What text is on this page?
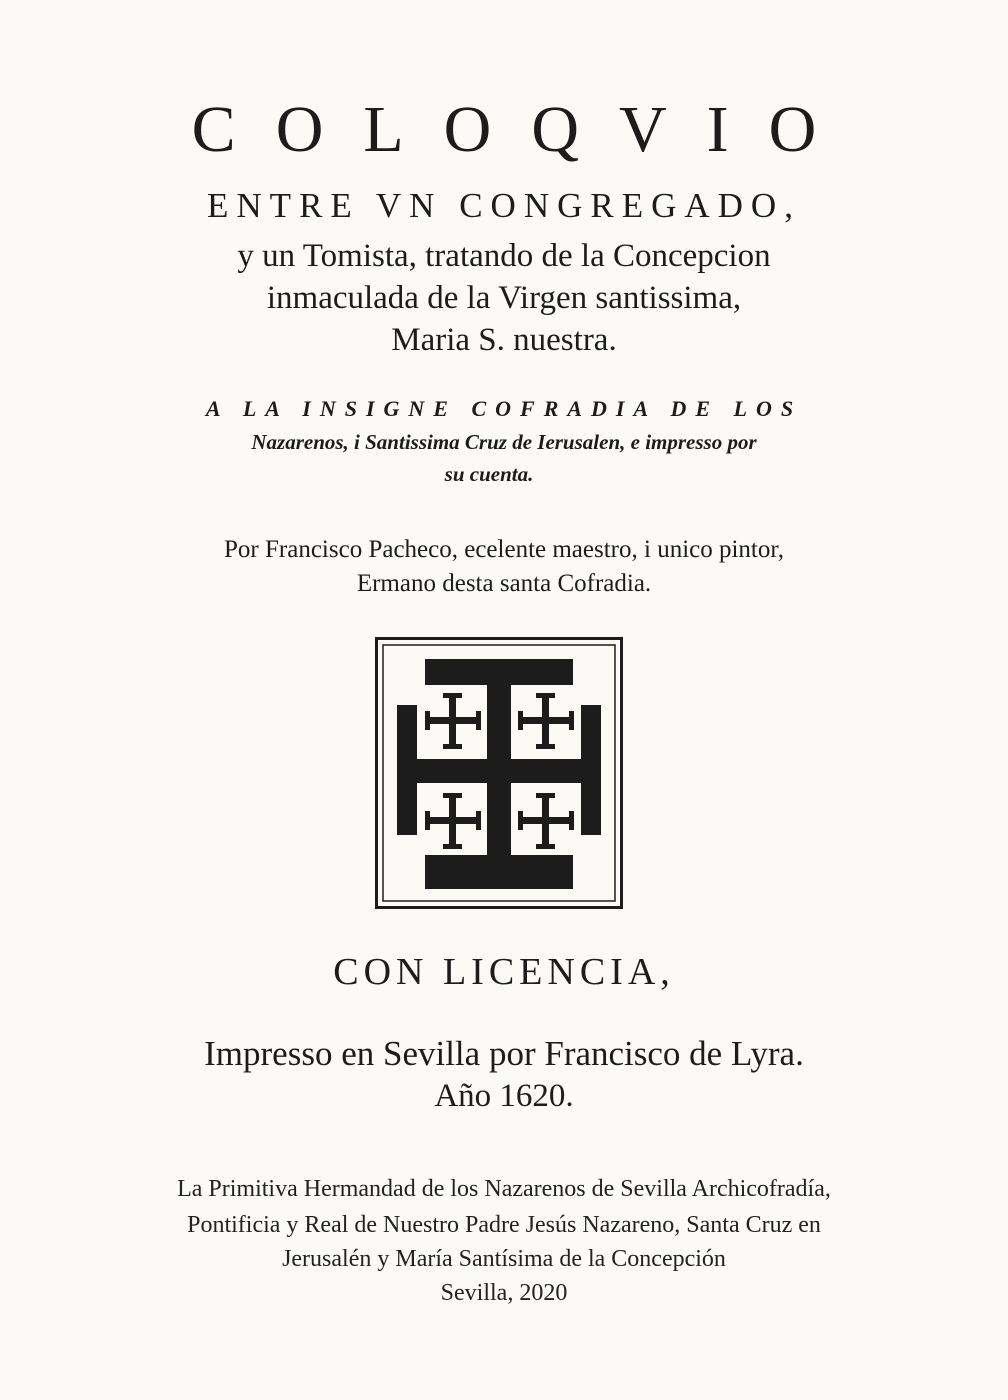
COLOQVIO
ENTRE VN CONGREGADO,
y un Tomista, tratando de la Concepcion
inmaculada de la Virgen santissima,
Maria S. nuestra.
A LA INSIGNE COFRADIA DE LOS
Nazarenos, i Santissima Cruz de Ierusalen, e impresso por
su cuenta.
Por Francisco Pacheco, ecelente maestro, i unico pintor,
Ermano desta santa Cofradia.
CON LICENCIA,
Impresso en Sevilla por Francisco de Lyra.
Año 1620.
La Primitiva Hermandad de los Nazarenos de Sevilla Archicofradía,
Pontificia y Real de Nuestro Padre Jesús Nazareno, Santa Cruz en
Jerusalén y María Santísima de la Concepción
Sevilla, 2020
